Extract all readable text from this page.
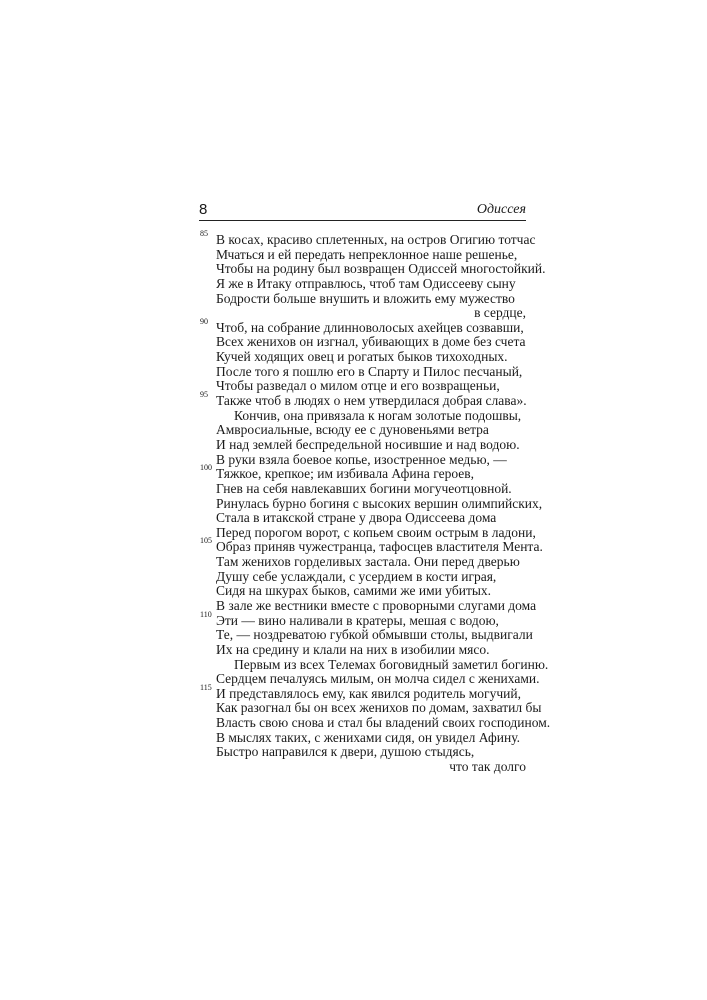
8	Одиссея
85 В косах, красиво сплетенных, на остров Огигию тотчас
Мчаться и ей передать непреклонное наше решенье,
Чтобы на родину был возвращен Одиссей многостойкий.
Я же в Итаку отправлюсь, чтоб там Одиссееву сыну
Бодрости больше внушить и вложить ему мужество
в сердце,
90 Чтоб, на собрание длинноволосых ахейцев созвавши,
Всех женихов он изгнал, убивающих в доме без счета
Кучей ходящих овец и рогатых быков тихоходных.
После того я пошлю его в Спарту и Пилос песчаный,
Чтобы разведал о милом отце и его возвращеньи,
95 Также чтоб в людях о нем утвердилася добрая слава».
Кончив, она привязала к ногам золотые подошвы,
Амвросиальные, всюду ее с дуновеньями ветра
И над землей беспредельной носившие и над водою.
В руки взяла боевое копье, изостренное медью, —
100 Тяжкое, крепкое; им избивала Афина героев,
Гнев на себя навлекавших богини могучеотцовной.
Ринулась бурно богиня с высоких вершин олимпийских,
Стала в итакской стране у двора Одиссеева дома
Перед порогом ворот, с копьем своим острым в ладони,
105 Образ приняв чужестранца, тафосцев властителя Мента.
Там женихов горделивых застала. Они перед дверью
Душу себе услаждали, с усердием в кости играя,
Сидя на шкурах быков, самими же ими убитых.
В зале же вестники вместе с проворными слугами дома
110 Эти — вино наливали в кратеры, мешая с водою,
Те, — ноздреватою губкой обмывши столы, выдвигали
Их на средину и клали на них в изобилии мясо.
Первым из всех Телемах боговидный заметил богиню.
Сердцем печалуясь милым, он молча сидел с женихами.
115 И представлялось ему, как явился родитель могучий,
Как разогнал бы он всех женихов по домам, захватил бы
Власть свою снова и стал бы владений своих господином.
В мыслях таких, с женихами сидя, он увидел Афину.
Быстро направился к двери, душою стыдясь,
что так долго
